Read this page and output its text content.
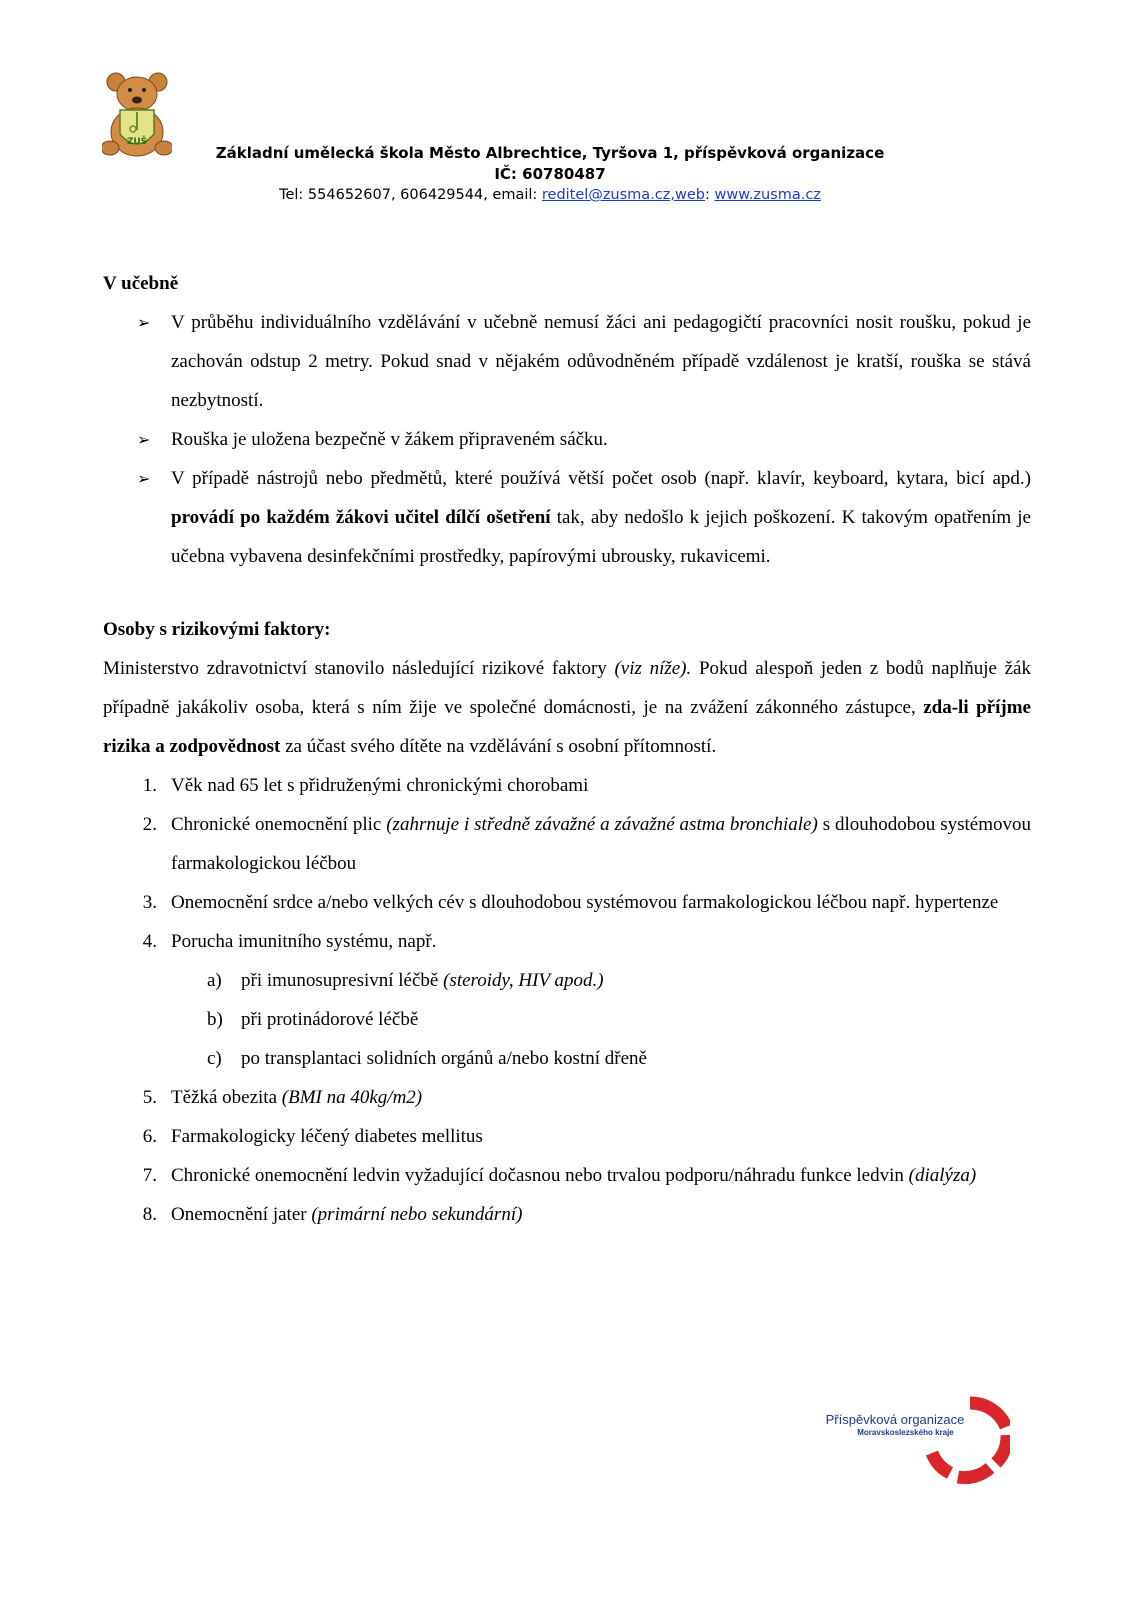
ZUŠ
Základní umělecká škola Město Albrechtice, Tyršova 1, příspěvková organizace
IČ: 60780487
Tel: 554652607, 606429544, email: reditel@zusma.cz,web: www.zusma.cz

V učebně

➢ V průběhu individuálního vzdělávání v učebně nemusí žáci ani pedagogičtí pracovníci nosit roušku, pokud je zachován odstup 2 metry. Pokud snad v nějakém odůvodněném případě vzdálenost je kratší, rouška se stává nezbytností.
➢ Rouška je uložena bezpečně v žákem připraveném sáčku.
➢ V případě nástrojů nebo předmětů, které používá větší počet osob (např. klavír, keyboard, kytara, bicí apd.) provádí po každém žákovi učitel dílčí ošetření tak, aby nedošlo k jejich poškození. K takovým opatřením je učebna vybavena desinfekčními prostředky, papírovými ubrousky, rukavicemi.

Osoby s rizikovými faktory:

Ministerstvo zdravotnictví stanovilo následující rizikové faktory (viz níže). Pokud alespoň jeden z bodů naplňuje žák případně jakákoliv osoba, která s ním žije ve společné domácnosti, je na zvážení zákonného zástupce, zda-li příjme rizika a zodpovědnost za účast svého dítěte na vzdělávání s osobní přítomností.

1. Věk nad 65 let s přidruženými chronickými chorobami
2. Chronické onemocnění plic (zahrnuje i středně závažné a závažné astma bronchiale) s dlouhodobou systémovou farmakologickou léčbou
3. Onemocnění srdce a/nebo velkých cév s dlouhodobou systémovou farmakologickou léčbou např. hypertenze
4. Porucha imunitního systému, např.
a) při imunosupresivní léčbě (steroidy, HIV apod.)
b) při protinádorové léčbě
c) po transplantaci solidních orgánů a/nebo kostní dřeně
5. Těžká obezita (BMI na 40kg/m2)
6. Farmakologicky léčený diabetes mellitus
7. Chronické onemocnění ledvin vyžadující dočasnou nebo trvalou podporu/náhradu funkce ledvin (dialýza)
8. Onemocnění jater (primární nebo sekundární)
Příspěvková organizace
Moravskoslezského kraje
